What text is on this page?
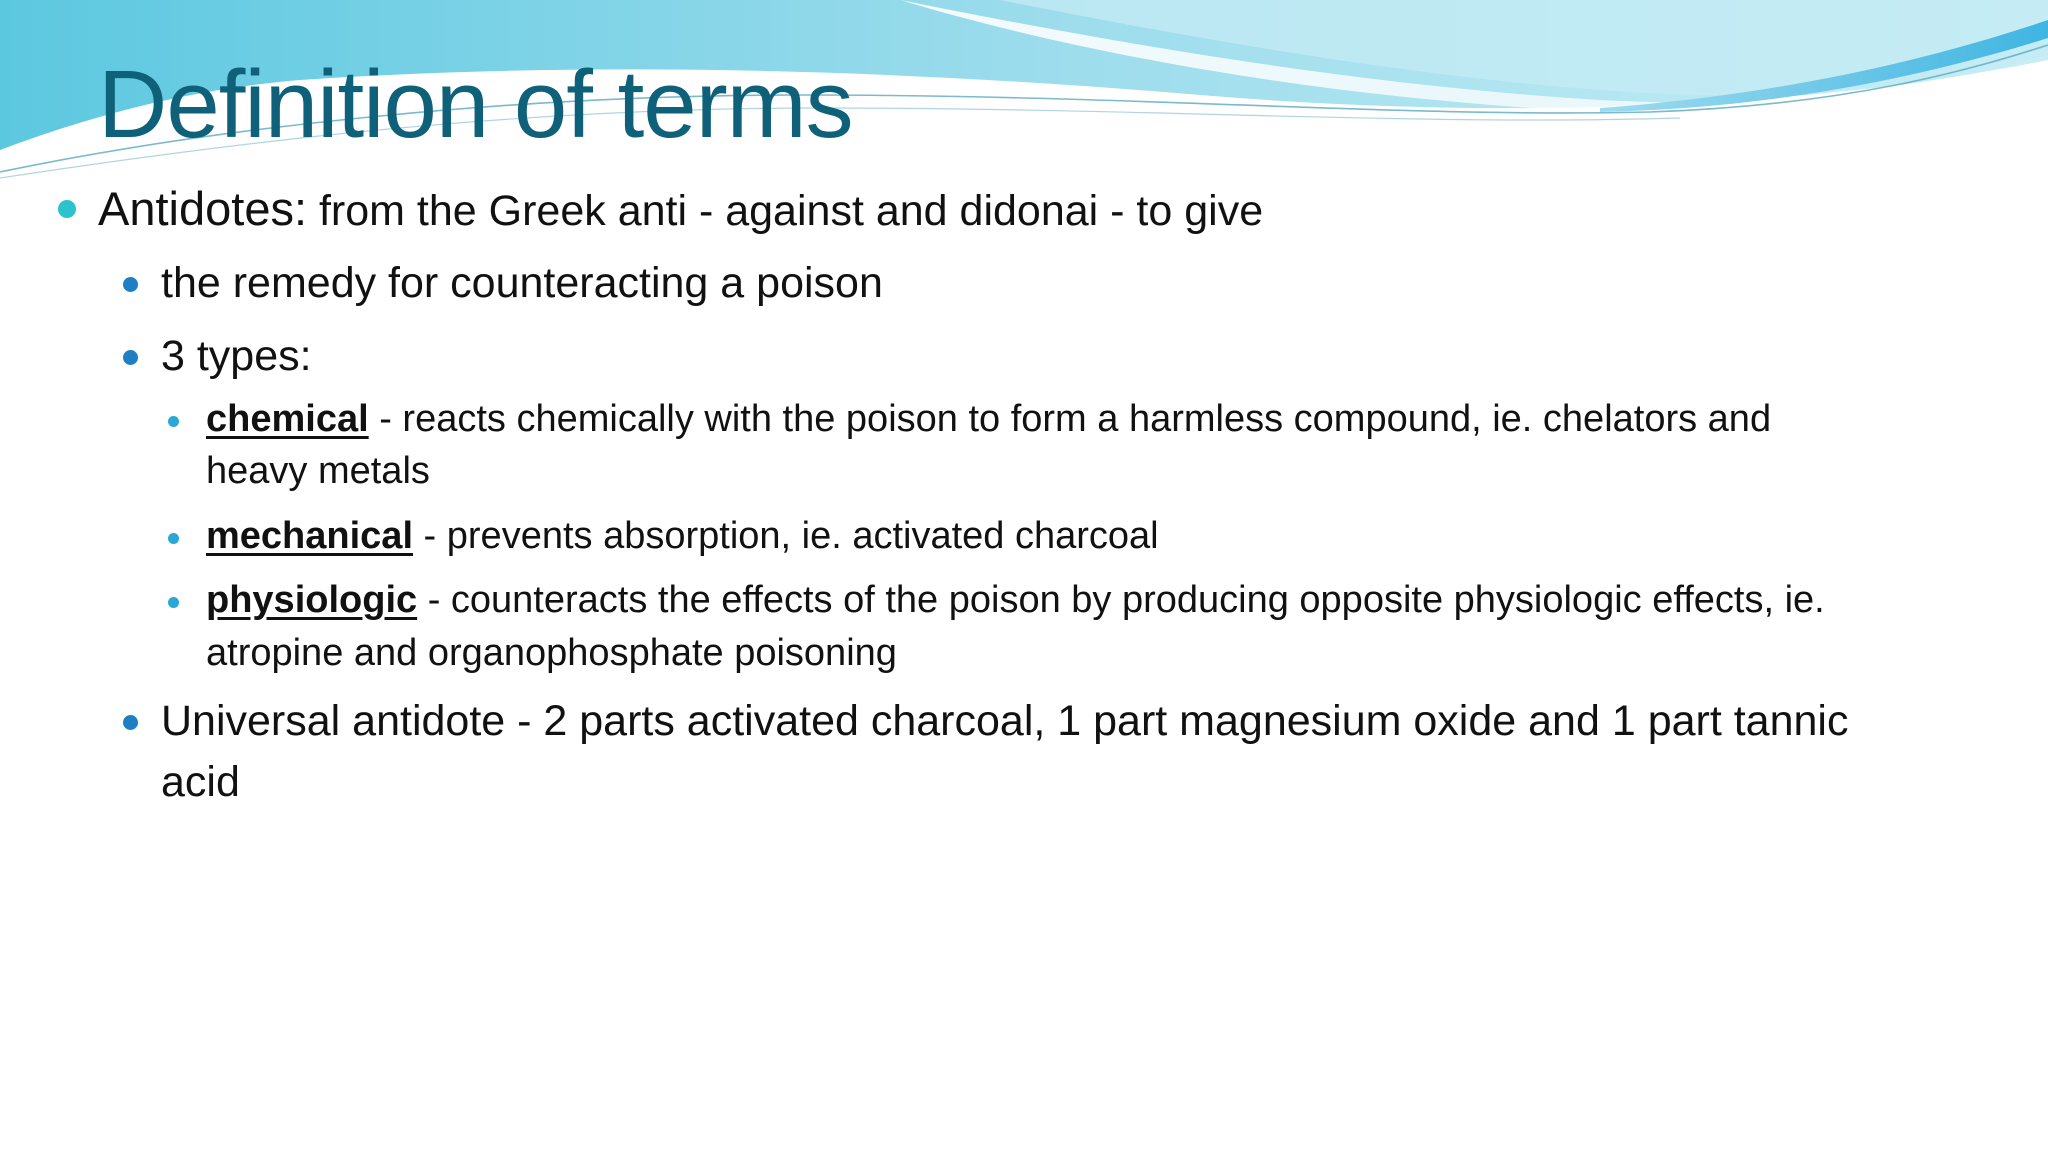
Definition of terms
Antidotes: from the Greek anti - against and didonai - to give
the remedy for counteracting a poison
3 types:
chemical - reacts chemically with the poison to form a harmless compound, ie. chelators and heavy metals
mechanical - prevents absorption, ie. activated charcoal
physiologic - counteracts the effects of the poison by producing opposite physiologic effects, ie. atropine and organophosphate poisoning
Universal antidote - 2 parts activated charcoal, 1 part magnesium oxide and 1 part tannic acid
